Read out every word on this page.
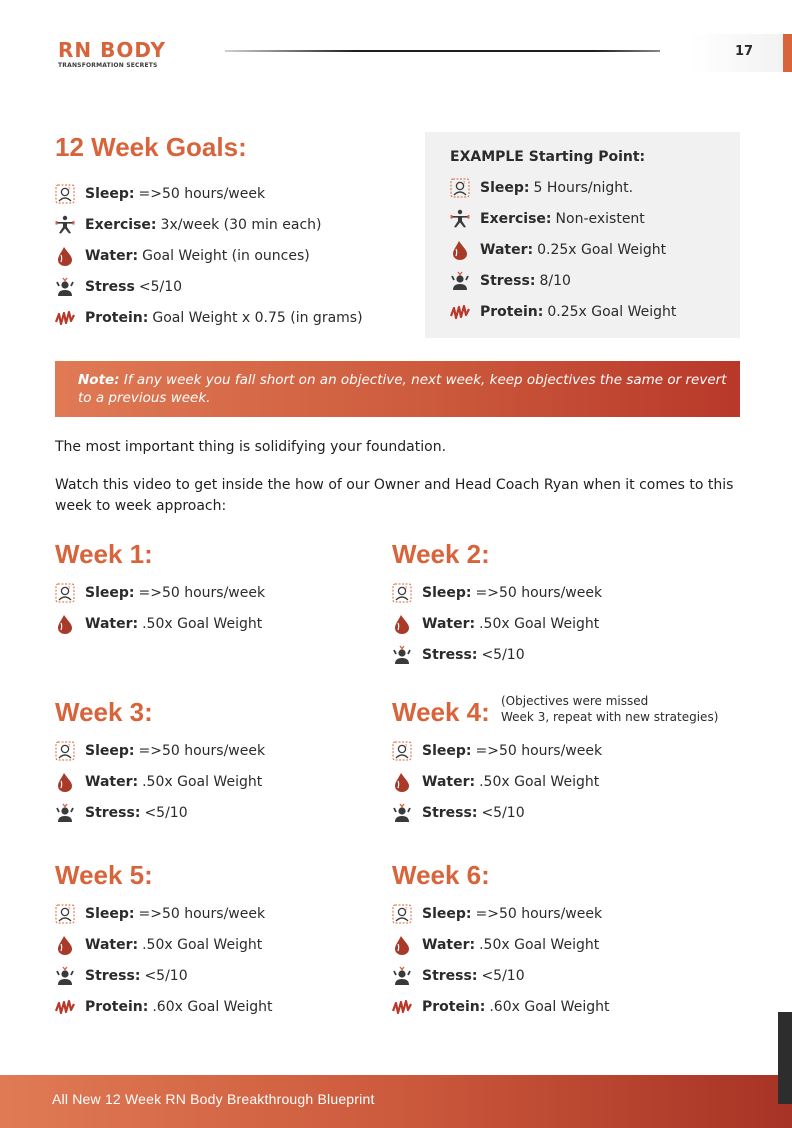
RN BODY
TRANSFORMATION SECRETS
17
12 Week Goals:
Sleep: =>50 hours/week
Exercise: 3x/week (30 min each)
Water: Goal Weight (in ounces)
Stress <5/10
Protein: Goal Weight x 0.75 (in grams)
EXAMPLE Starting Point:
Sleep: 5 Hours/night.
Exercise: Non-existent
Water: 0.25x Goal Weight
Stress: 8/10
Protein: 0.25x Goal Weight
Note: If any week you fall short on an objective, next week, keep objectives the same or revert to a previous week.
The most important thing is solidifying your foundation.
Watch this video to get inside the how of our Owner and Head Coach Ryan when it comes to this week to week approach:
Week 1:
Sleep: =>50 hours/week
Water: .50x Goal Weight
Week 2:
Sleep: =>50 hours/week
Water: .50x Goal Weight
Stress: <5/10
Week 3:
Sleep: =>50 hours/week
Water: .50x Goal Weight
Stress: <5/10
Week 4:
Sleep: =>50 hours/week
Water: .50x Goal Weight
Stress: <5/10
Week 5:
Sleep: =>50 hours/week
Water: .50x Goal Weight
Stress: <5/10
Protein: .60x Goal Weight
Week 6:
Sleep: =>50 hours/week
Water: .50x Goal Weight
Stress: <5/10
Protein: .60x Goal Weight
(Objectives were missed
Week 3, repeat with new strategies)
All New 12 Week RN Body Breakthrough Blueprint
